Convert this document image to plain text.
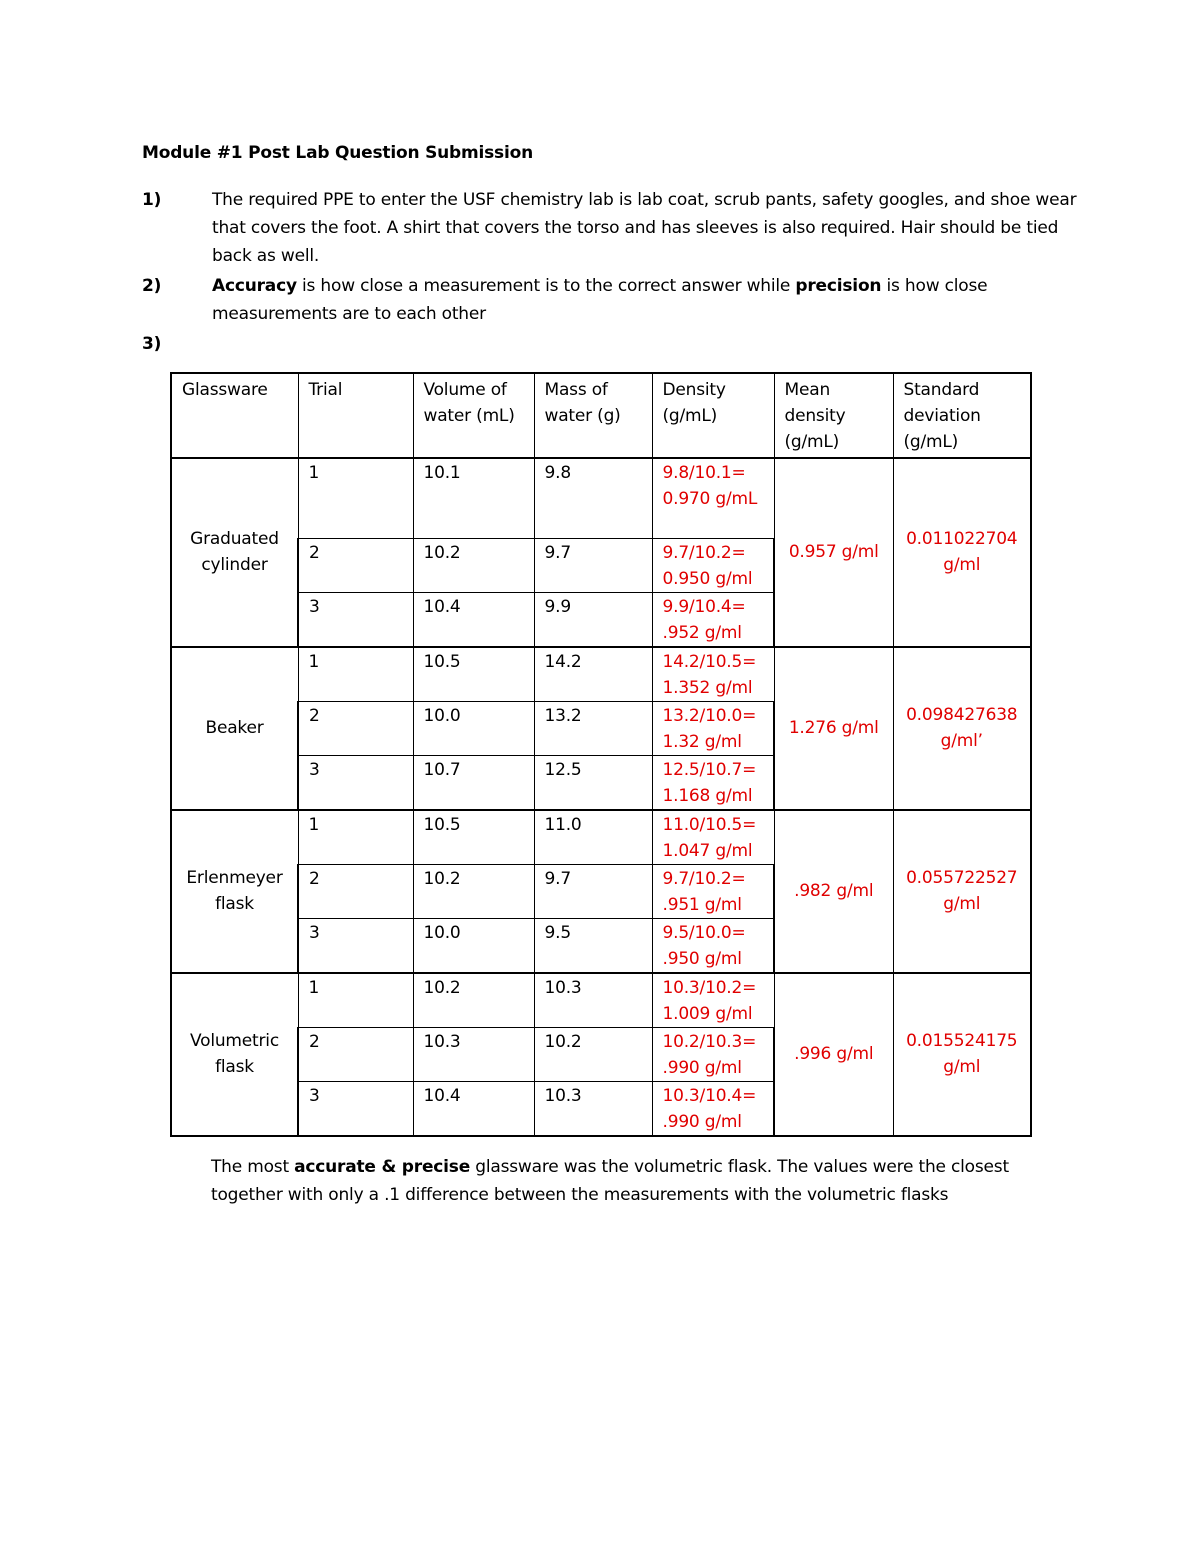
Module #1 Post Lab Question Submission
1)	The required PPE to enter the USF chemistry lab is lab coat, scrub pants, safety googles, and shoe wear that covers the foot. A shirt that covers the torso and has sleeves is also required. Hair should be tied back as well.
2)	Accuracy is how close a measurement is to the correct answer while precision is how close measurements are to each other
3)
Glassware	Trial	Volume of water (mL)	Mass of water (g)	Density (g/mL)	Mean density (g/mL)	Standard deviation (g/mL)
Graduated cylinder	1	10.1	9.8	9.8/10.1= 0.970 g/mL	0.957 g/ml	0.011022704 g/ml
	2	10.2	9.7	9.7/10.2= 0.950 g/ml		
	3	10.4	9.9	9.9/10.4= .952 g/ml		
Beaker	1	10.5	14.2	14.2/10.5= 1.352 g/ml	1.276 g/ml	0.098427638 g/ml’
	2	10.0	13.2	13.2/10.0= 1.32 g/ml		
	3	10.7	12.5	12.5/10.7= 1.168 g/ml		
Erlenmeyer flask	1	10.5	11.0	11.0/10.5= 1.047 g/ml	.982 g/ml	0.055722527 g/ml
	2	10.2	9.7	9.7/10.2= .951 g/ml		
	3	10.0	9.5	9.5/10.0= .950 g/ml		
Volumetric flask	1	10.2	10.3	10.3/10.2= 1.009 g/ml	.996 g/ml	0.015524175 g/ml
	2	10.3	10.2	10.2/10.3= .990 g/ml		
	3	10.4	10.3	10.3/10.4= .990 g/ml		
The most accurate & precise glassware was the volumetric flask. The values were the closest together with only a .1 difference between the measurements with the volumetric flasks
